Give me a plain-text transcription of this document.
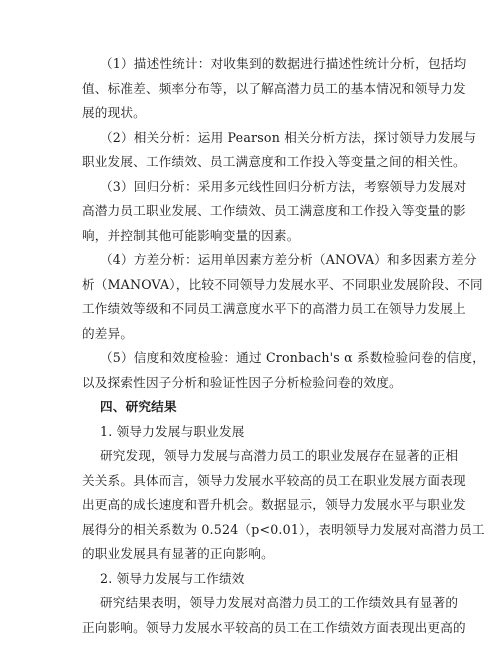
（1）描述性统计：对收集到的数据进行描述性统计分析，包括均
值、标准差、频率分布等，以了解高潜力员工的基本情况和领导力发
展的现状。
（2）相关分析：运用 Pearson 相关分析方法，探讨领导力发展与
职业发展、工作绩效、员工满意度和工作投入等变量之间的相关性。
（3）回归分析：采用多元线性回归分析方法，考察领导力发展对
高潜力员工职业发展、工作绩效、员工满意度和工作投入等变量的影
响，并控制其他可能影响变量的因素。
（4）方差分析：运用单因素方差分析（ANOVA）和多因素方差分
析（MANOVA），比较不同领导力发展水平、不同职业发展阶段、不同
工作绩效等级和不同员工满意度水平下的高潜力员工在领导力发展上
的差异。
（5）信度和效度检验：通过 Cronbach's α 系数检验问卷的信度，
以及探索性因子分析和验证性因子分析检验问卷的效度。
四、研究结果
1. 领导力发展与职业发展
研究发现，领导力发展与高潜力员工的职业发展存在显著的正相
关关系。具体而言，领导力发展水平较高的员工在职业发展方面表现
出更高的成长速度和晋升机会。数据显示，领导力发展水平与职业发
展得分的相关系数为 0.524（p<0.01），表明领导力发展对高潜力员工
的职业发展具有显著的正向影响。
2. 领导力发展与工作绩效
研究结果表明，领导力发展对高潜力员工的工作绩效具有显著的
正向影响。领导力发展水平较高的员工在工作绩效方面表现出更高的
